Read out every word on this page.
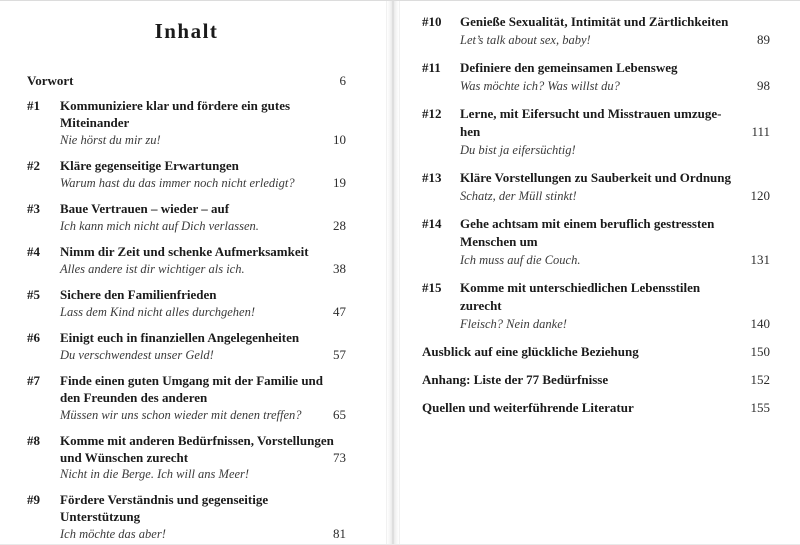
Inhalt
Vorwort	6
#1	Kommuniziere klar und fördere ein gutes
Miteinander
Nie hörst du mir zu!	10
#2	Kläre gegenseitige Erwartungen
Warum hast du das immer noch nicht erledigt?	19
#3	Baue Vertrauen – wieder – auf
Ich kann mich nicht auf Dich verlassen.	28
#4	Nimm dir Zeit und schenke Aufmerksamkeit
Alles andere ist dir wichtiger als ich.	38
#5	Sichere den Familienfrieden
Lass dem Kind nicht alles durchgehen!	47
#6	Einigt euch in finanziellen Angelegenheiten
Du verschwendest unser Geld!	57
#7	Finde einen guten Umgang mit der Familie und
den Freunden des anderen
Müssen wir uns schon wieder mit denen treffen? 65
#8	Komme mit anderen Bedürfnissen, Vorstellungen
und Wünschen zurecht	73
Nicht in die Berge. Ich will ans Meer!
#9	Fördere Verständnis und gegenseitige
Unterstützung
Ich möchte das aber!	81
#10	Genieße Sexualität, Intimität und Zärtlichkeiten
Let’s talk about sex, baby!	89
#11	Definiere den gemeinsamen Lebensweg
Was möchte ich? Was willst du?	98
#12	Lerne, mit Eifersucht und Misstrauen umzuge-
hen	111
Du bist ja eifersüchtig!
#13	Kläre Vorstellungen zu Sauberkeit und Ordnung
Schatz, der Müll stinkt!	120
#14	Gehe achtsam mit einem beruflich gestressten
Menschen um
Ich muss auf die Couch.	131
#15	Komme mit unterschiedlichen Lebensstilen
zurecht
Fleisch? Nein danke!	140
Ausblick auf eine glückliche Beziehung	150
Anhang: Liste der 77 Bedürfnisse	152
Quellen und weiterführende Literatur	155
